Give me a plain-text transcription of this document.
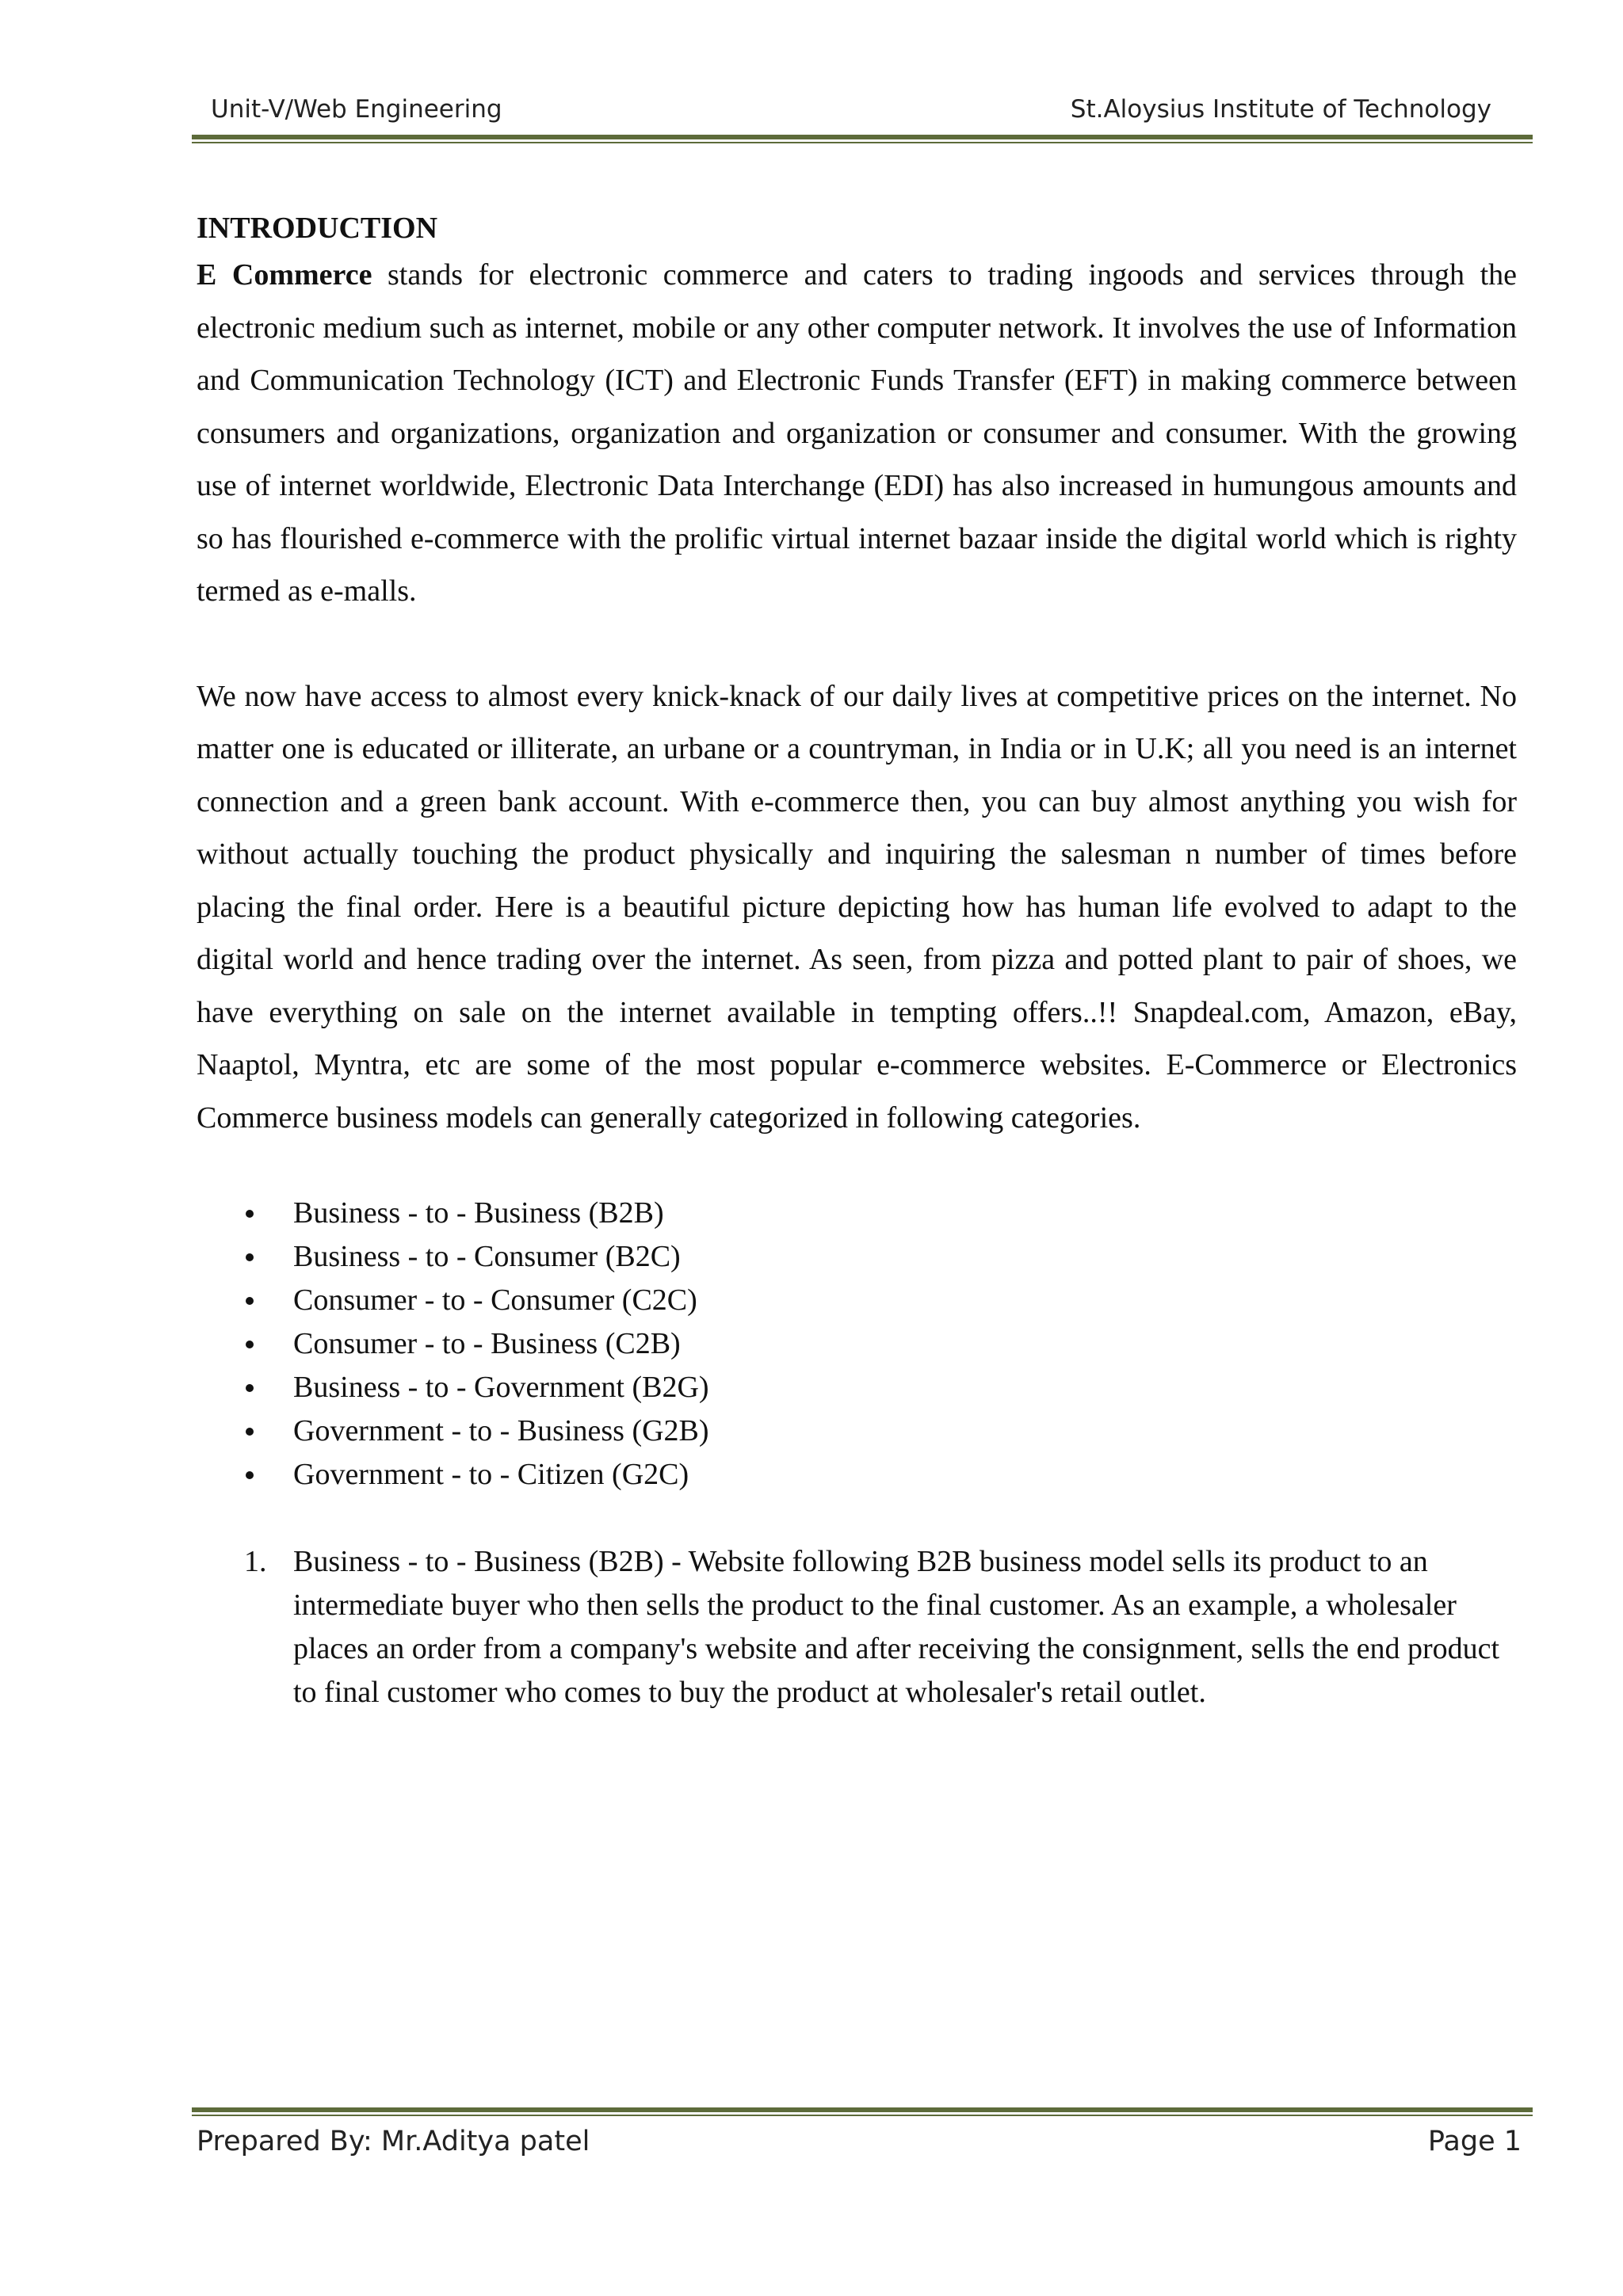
Unit-V/Web Engineering	St.Aloysius Institute of Technology
INTRODUCTION

E Commerce stands for electronic commerce and caters to trading ingoods and services through the electronic medium such as internet, mobile or any other computer network. It involves the use of Information and Communication Technology (ICT) and Electronic Funds Transfer (EFT) in making commerce between consumers and organizations, organization and organization or consumer and consumer. With the growing use of internet worldwide, Electronic Data Interchange (EDI) has also increased in humungous amounts and so has flourished e-commerce with the prolific virtual internet bazaar inside the digital world which is righty termed as e-malls.

We now have access to almost every knick-knack of our daily lives at competitive prices on the internet. No matter one is educated or illiterate, an urbane or a countryman, in India or in U.K; all you need is an internet connection and a green bank account. With e-commerce then, you can buy almost anything you wish for without actually touching the product physically and inquiring the salesman n number of times before placing the final order. Here is a beautiful picture depicting how has human life evolved to adapt to the digital world and hence trading over the internet. As seen, from pizza and potted plant to pair of shoes, we have everything on sale on the internet available in tempting offers..!! Snapdeal.com, Amazon, eBay, Naaptol, Myntra, etc are some of the most popular e-commerce websites. E-Commerce or Electronics Commerce business models can generally categorized in following categories.

Business - to - Business (B2B)
Business - to - Consumer (B2C)
Consumer - to - Consumer (C2C)
Consumer - to - Business (C2B)
Business - to - Government (B2G)
Government - to - Business (G2B)
Government - to - Citizen (G2C)
1. Business - to - Business (B2B) - Website following B2B business model sells its product to an intermediate buyer who then sells the product to the final customer. As an example, a wholesaler places an order from a company's website and after receiving the consignment, sells the end product to final customer who comes to buy the product at wholesaler's retail outlet.
Prepared By: Mr.Aditya patel	Page 1
